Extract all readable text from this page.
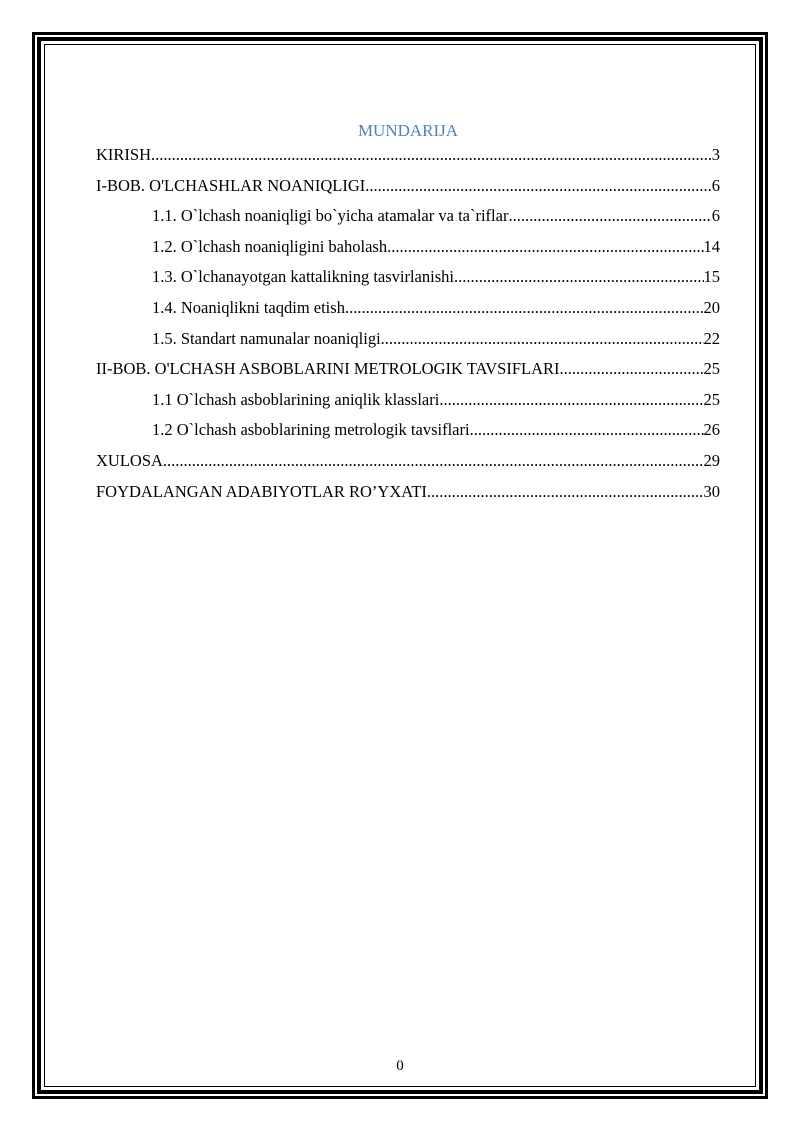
MUNDARIJA
KIRISH .....	3
I-BOB. O'LCHASHLAR NOANIQLIGI .....	6
1.1. O`lchash noaniqligi bo`yicha atamalar va ta`riflar .....	6
1.2. O`lchash noaniqligini baholash .....	14
1.3. O`lchanayotgan kattalikning tasvirlanishi .....	15
1.4. Noaniqlikni taqdim etish .....	20
1.5. Standart namunalar noaniqligi .....	22
II-BOB. O'LCHASH ASBOBLARINI METROLOGIK TAVSIFLARI .....	25
1.1 O`lchash asboblarining aniqlik klasslari .....	25
1.2 O`lchash asboblarining metrologik tavsiflari .....	26
XULOSA .....	29
FOYDALANGAN ADABIYOTLAR RO’YXATI .....	30
0
